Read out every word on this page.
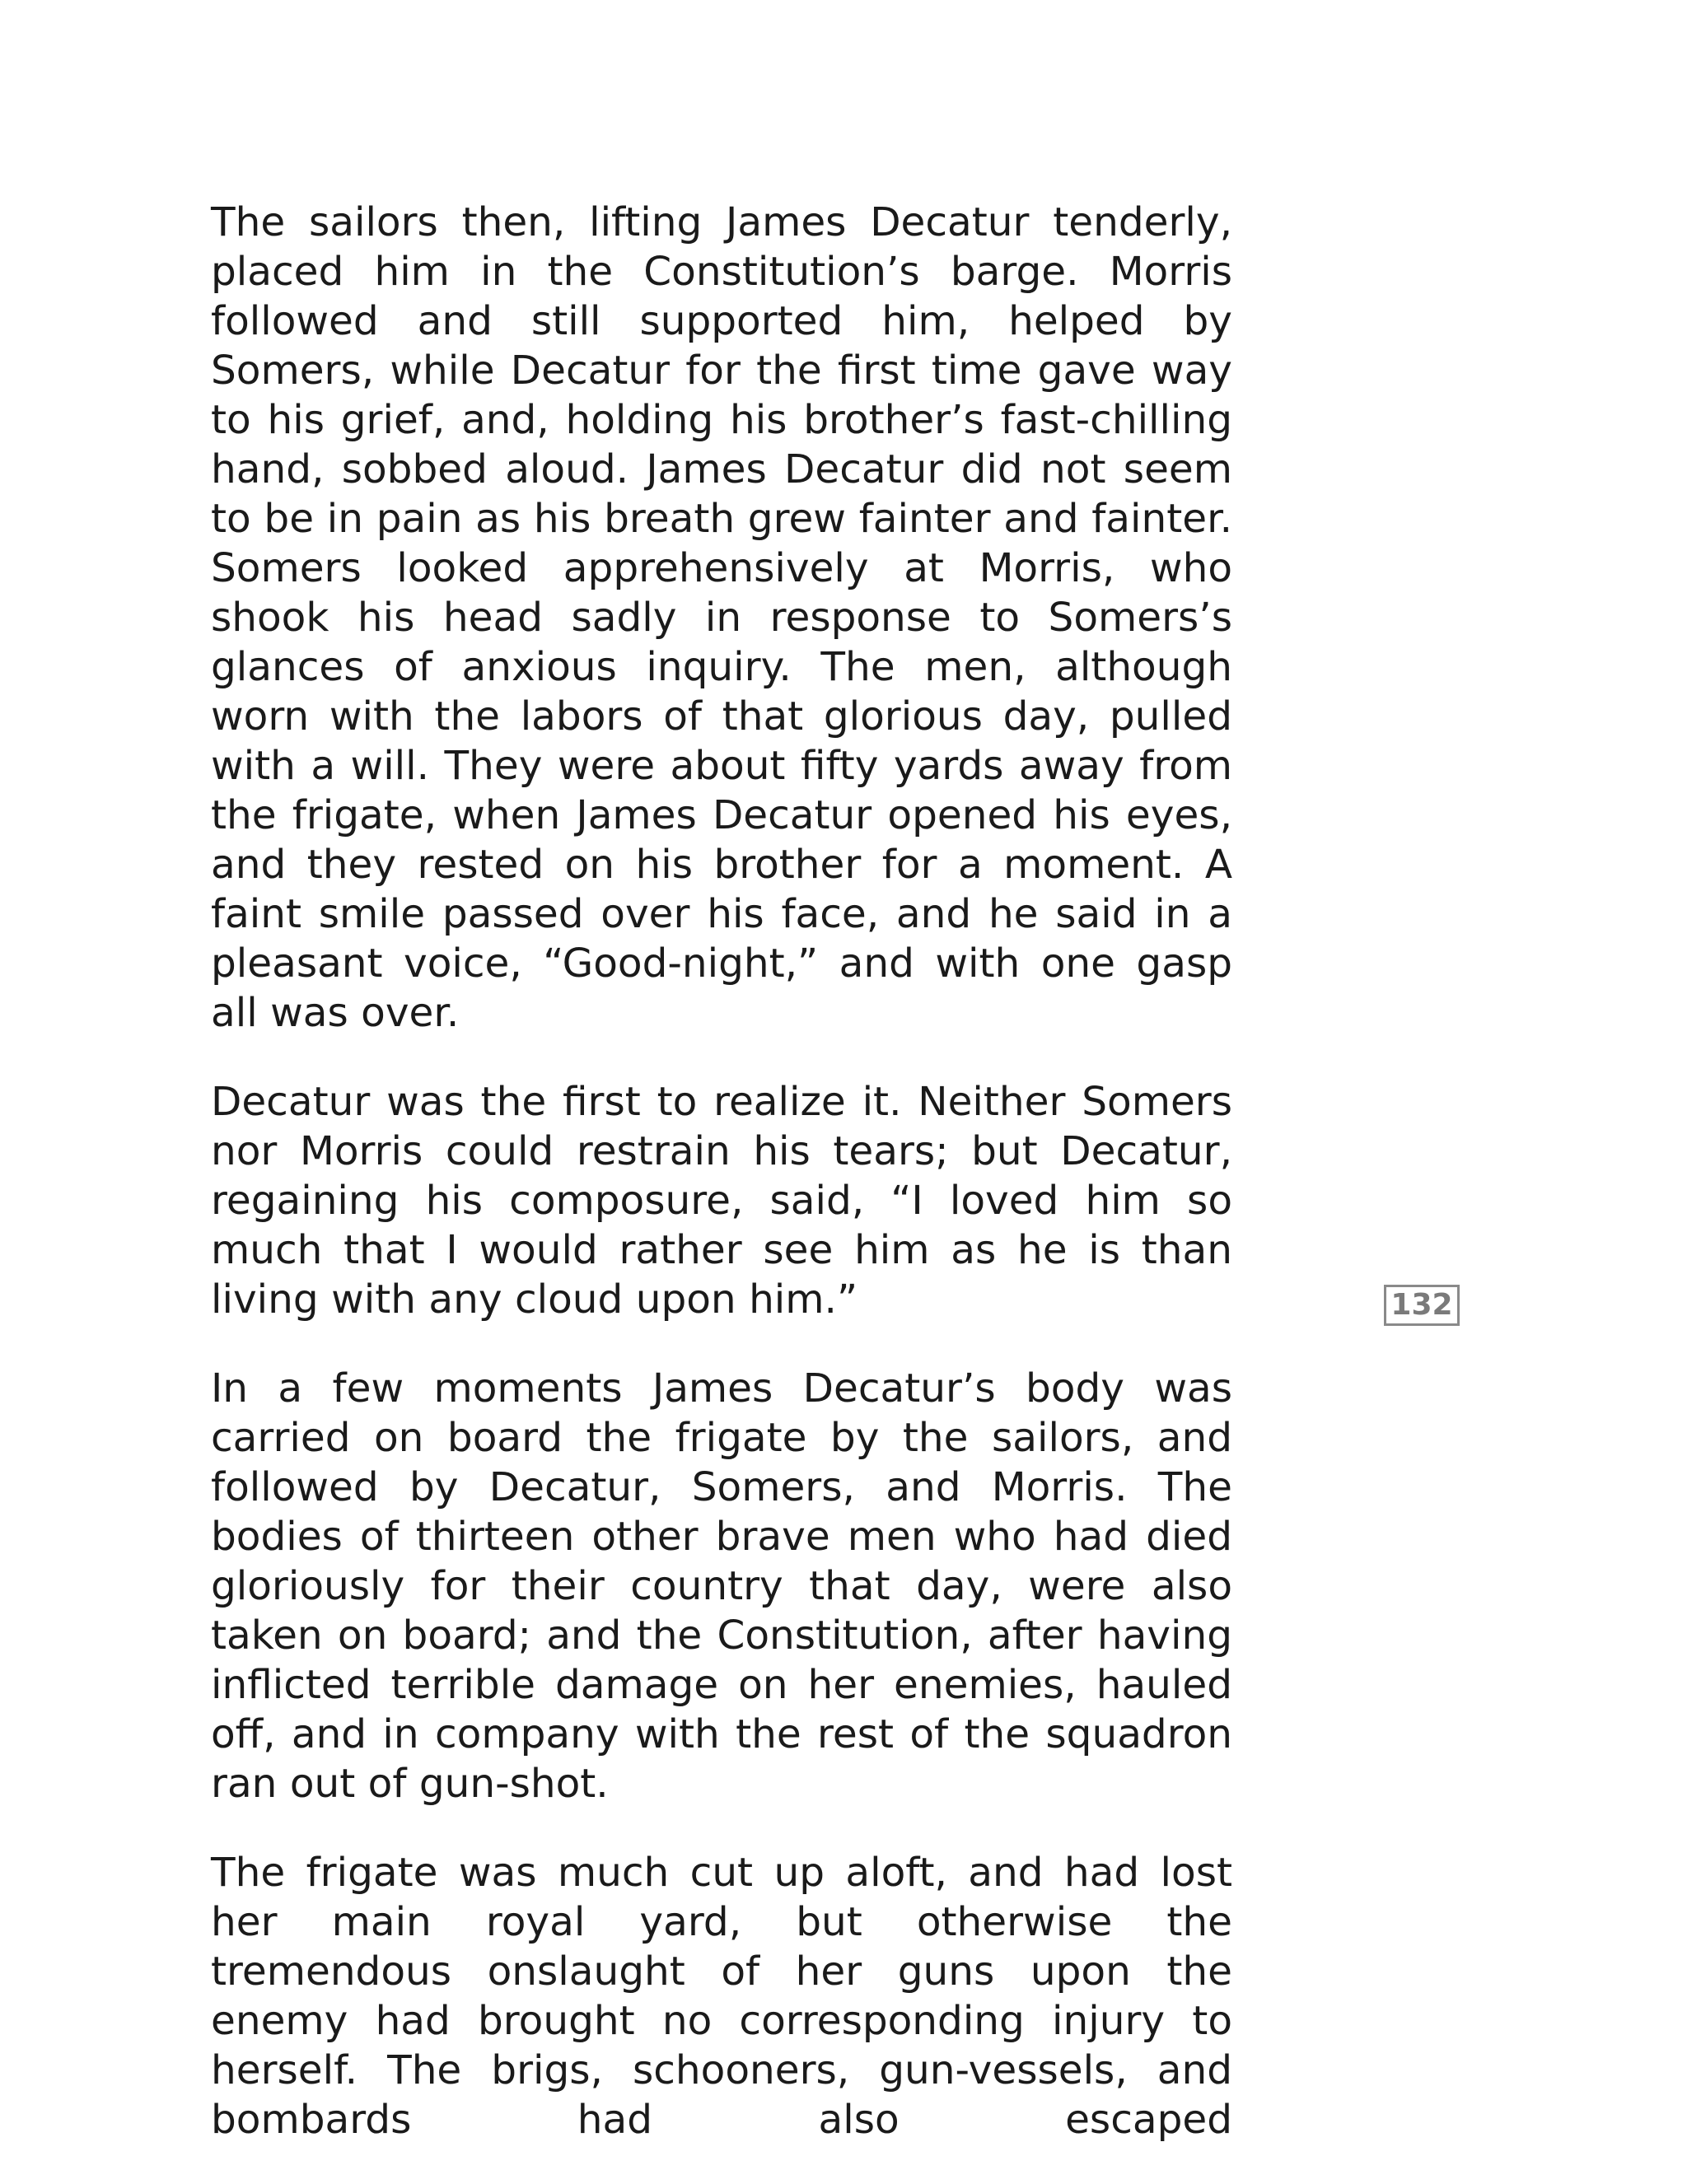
The sailors then, lifting James Decatur tenderly, placed him in the Constitution’s barge. Morris followed and still supported him, helped by Somers, while Decatur for the first time gave way to his grief, and, holding his brother’s fast-chilling hand, sobbed aloud. James Decatur did not seem to be in pain as his breath grew fainter and fainter. Somers looked apprehensively at Morris, who shook his head sadly in response to Somers’s glances of anxious inquiry. The men, although worn with the labors of that glorious day, pulled with a will. They were about fifty yards away from the frigate, when James Decatur opened his eyes, and they rested on his brother for a moment. A faint smile passed over his face, and he said in a pleasant voice, “Good-night,” and with one gasp all was over.

Decatur was the first to realize it. Neither Somers nor Morris could restrain his tears; but Decatur, regaining his composure, said, “I loved him so much that I would rather see him as he is than living with any cloud upon him.”

In a few moments James Decatur’s body was carried on board the frigate by the sailors, and followed by Decatur, Somers, and Morris. The bodies of thirteen other brave men who had died gloriously for their country that day, were also taken on board; and the Constitution, after having inflicted terrible damage on her enemies, hauled off, and in company with the rest of the squadron ran out of gun-shot.

The frigate was much cut up aloft, and had lost her main royal yard, but otherwise the tremendous onslaught of her guns upon the enemy had brought no corresponding injury to herself. The brigs, schooners, gun-vessels, and bombards had also escaped

132
